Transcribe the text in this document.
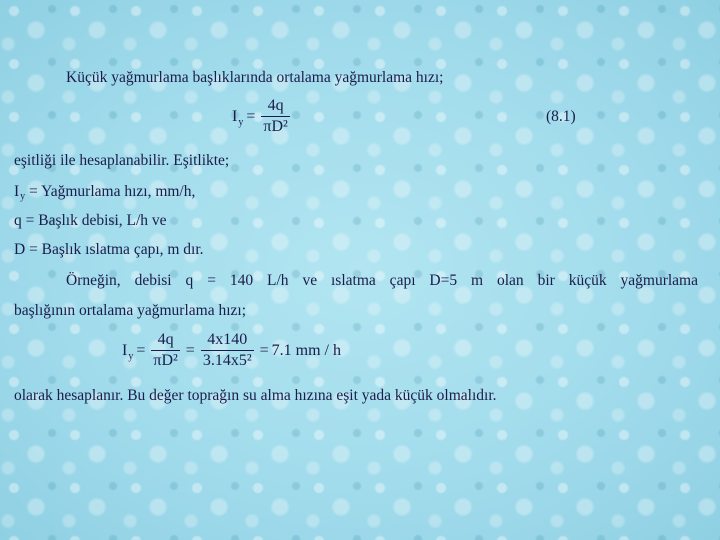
Küçük yağmurlama başlıklarında ortalama yağmurlama hızı;
$I_y = \frac{4q}{\text{πD²}}$	(8.1)
eşitliği ile hesaplanabilir. Eşitlikte;
Iy = Yağmurlama hızı, mm/h,
q = Başlık debisi, L/h ve
D = Başlık ıslatma çapı, m dır.
Örneğin, debisi q = 140 L/h ve ıslatma çapı D=5 m olan bir küçük yağmurlama
başlığının ortalama yağmurlama hızı;
$I_y = \frac{4q}{\text{πD²}} = \frac{4x140}{\text{3.14x5²}} = 7.1$ mm / h
olarak hesaplanır. Bu değer toprağın su alma hızına eşit yada küçük olmalıdır.
